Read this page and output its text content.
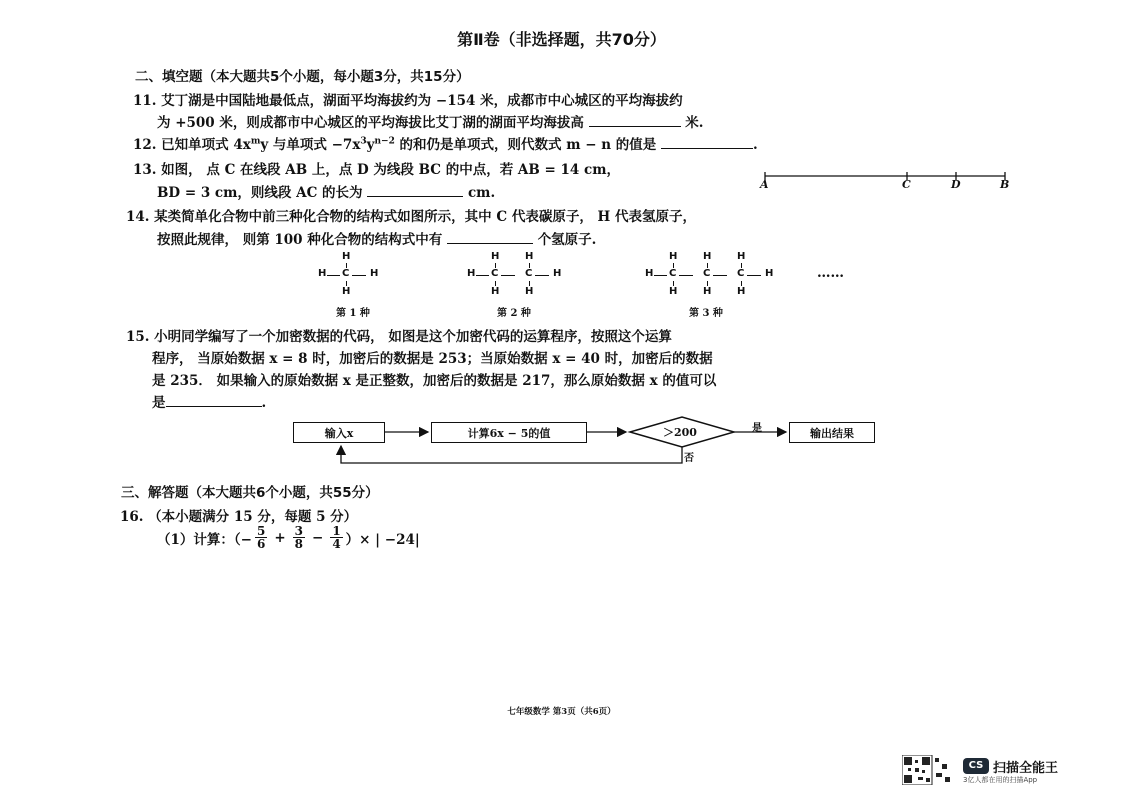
第Ⅱ卷（非选择题，共70分）
二、填空题（本大题共5个小题，每小题3分，共15分）
11. 艾丁湖是中国陆地最低点，湖面平均海拔约为 −154 米，成都市中心城区的平均海拔约
为 +500 米，则成都市中心城区的平均海拔比艾丁湖的湖面平均海拔高	米.
12. 已知单项式 $4x^my$ 与单项式 $-7x^3y^{n-2}$ 的和仍是单项式，则代数式 m − n 的值是	.
13. 如图， 点 C 在线段 AB 上，点 D 为线段 BC 的中点，若 AB = 14 cm，
BD = 3 cm，则线段 AC 的长为	cm.
A	C	D	B
14. 某类简单化合物中前三种化合物的结构式如图所示，其中 C 代表碳原子， H 代表氢原子，
按照此规律， 则第 100 种化合物的结构式中有	个氢原子.
H C
H
H
H	H C
H
H
C
H
H
H	H C
H
H
C
H
H
C
H
H
H
第 1 种	第 2 种	第 3 种
……
15. 小明同学编写了一个加密数据的代码， 如图是这个加密代码的运算程序，按照这个运算
程序， 当原始数据 x = 8 时，加密后的数据是 253；当原始数据 x = 40 时，加密后的数据
是 235． 如果输入的原始数据 x 是正整数，加密后的数据是 217，那么原始数据 x 的值可以
是	.
输入x	计算6x − 5的值	＞200	是
否
输出结果
三、解答题（本大题共6个小题，共55分）
16. （本小题满分 15 分，每题 5 分）
（1）计算：（− $\frac{5}{6} + \frac{3}{8} - \frac{1}{4}$ ）× | −24|
七年级数学 第3页（共6页）
CS 扫描全能王
3亿人都在用的扫描App
